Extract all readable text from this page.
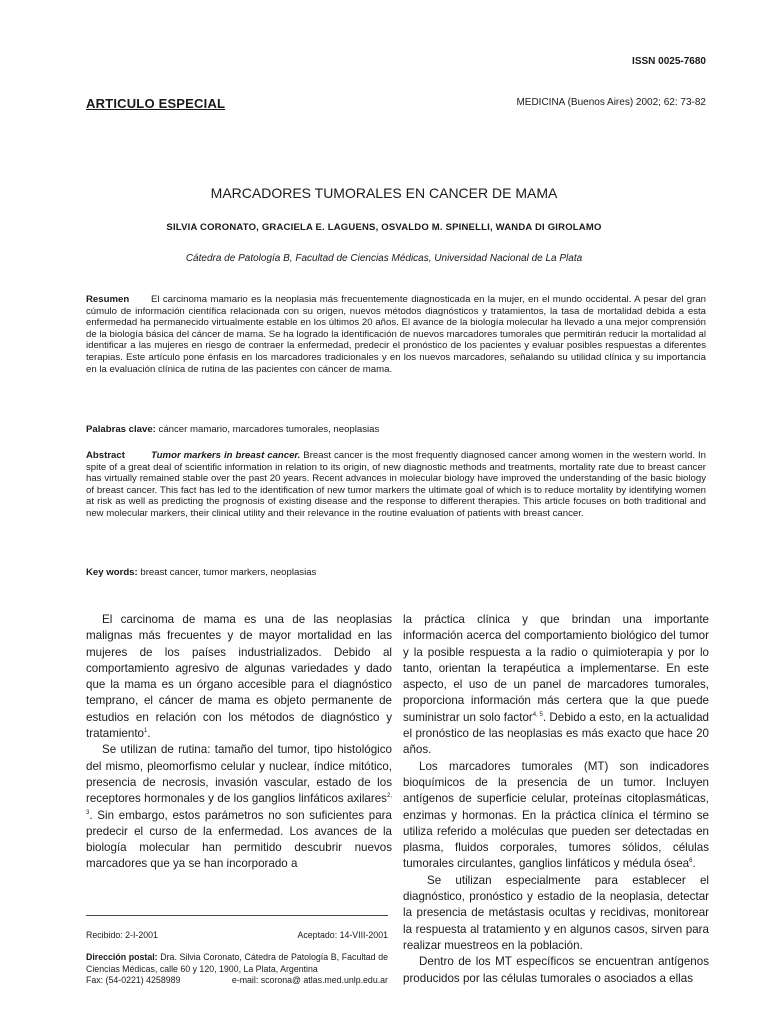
ISSN 0025-7680
ARTICULO ESPECIAL	MEDICINA (Buenos Aires) 2002; 62: 73-82
MARCADORES TUMORALES EN CANCER DE MAMA
SILVIA CORONATO, GRACIELA E. LAGUENS, OSVALDO M. SPINELLI, WANDA DI GIROLAMO
Cátedra de Patología B, Facultad de Ciencias Médicas, Universidad Nacional de La Plata
Resumen El carcinoma mamario es la neoplasia más frecuentemente diagnosticada en la mujer, en el mundo occidental. A pesar del gran cúmulo de información científica relacionada con su origen, nuevos métodos diagnósticos y tratamientos, la tasa de mortalidad debida a esta enfermedad ha permanecido virtualmente estable en los últimos 20 años. El avance de la biología molecular ha llevado a una mejor comprensión de la biología básica del cáncer de mama. Se ha logrado la identificación de nuevos marcadores tumorales que permitirán reducir la mortalidad al identificar a las mujeres en riesgo de contraer la enfermedad, predecir el pronóstico de los pacientes y evaluar posibles respuestas a diferentes terapias. Este artículo pone énfasis en los marcadores tradicionales y en los nuevos marcadores, señalando su utilidad clínica y su importancia en la evaluación clínica de rutina de las pacientes con cáncer de mama.
Palabras clave: cáncer mamario, marcadores tumorales, neoplasias
Abstract	Tumor markers in breast cancer. Breast cancer is the most frequently diagnosed cancer among women in the western world. In spite of a great deal of scientific information in relation to its origin, of new diagnostic methods and treatments, mortality rate due to breast cancer has virtually remained stable over the past 20 years. Recent advances in molecular biology have improved the understanding of the basic biology of breast cancer. This fact has led to the identification of new tumor markers the ultimate goal of which is to reduce mortality by identifying women at risk as well as predicting the prognosis of existing disease and the response to different therapies. This article focuses on both traditional and new molecular markers, their clinical utility and their relevance in the routine evaluation of patients with breast cancer.
Key words: breast cancer, tumor markers, neoplasias

El carcinoma de mama es una de las neoplasias malignas más frecuentes y de mayor mortalidad en las mujeres de los países industrializados. Debido al comportamiento agresivo de algunas variedades y dado que la mama es un órgano accesible para el diagnóstico temprano, el cáncer de mama es objeto permanente de estudios en relación con los métodos de diagnóstico y tratamiento$^1$.

Se utilizan de rutina: tamaño del tumor, tipo histológico del mismo, pleomorfismo celular y nuclear, índice mitótico, presencia de necrosis, invasión vascular, estado de los receptores hormonales y de los ganglios linfáticos axilares$^{2, 3}$. Sin embargo, estos parámetros no son suficientes para predecir el curso de la enfermedad. Los avances de la biología molecular han permitido descubrir nuevos marcadores que ya se han incorporado a

la práctica clínica y que brindan una importante información acerca del comportamiento biológico del tumor y la posible respuesta a la radio o quimioterapia y por lo tanto, orientan la terapéutica a implementarse. En este aspecto, el uso de un panel de marcadores tumorales, proporciona información más certera que la que puede suministrar un solo factor$^{4, 5}$. Debido a esto, en la actualidad el pronóstico de las neoplasias es más exacto que hace 20 años.

Los marcadores tumorales (MT) son indicadores bioquímicos de la presencia de un tumor. Incluyen antígenos de superficie celular, proteínas citoplasmáticas, enzimas y hormonas. En la práctica clínica el término se utiliza referido a moléculas que pueden ser detectadas en plasma, fluidos corporales, tumores sólidos, células tumorales circulantes, ganglios linfáticos y médula ósea$^6$.

Se utilizan especialmente para establecer el diagnóstico, pronóstico y estadio de la neoplasia, detectar la presencia de metástasis ocultas y recidivas, monitorear la respuesta al tratamiento y en algunos casos, sirven para realizar muestreos en la población.

Dentro de los MT específicos se encuentran antígenos producidos por las células tumorales o asociados a ellas

Recibido: 2-I-2001	Aceptado: 14-VIII-2001
Dirección postal: Dra. Silvia Coronato, Cátedra de Patología B, Facultad de Ciencias Médicas, calle 60 y 120, 1900, La Plata, Argentina
Fax: (54-0221) 4258989	e-mail: scorona@ atlas.med.unlp.edu.ar
